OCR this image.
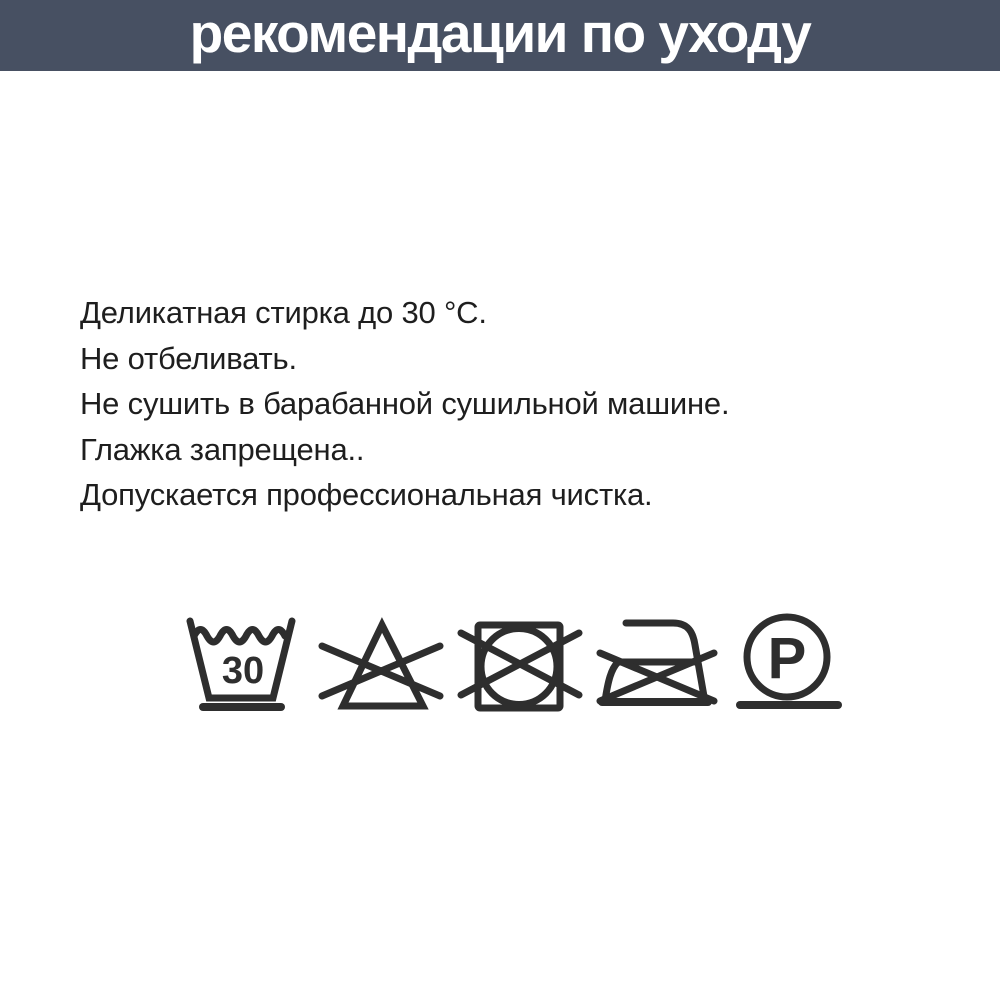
рекомендации по уходу
Деликатная стирка до 30 °C.
Не отбеливать.
Не сушить в барабанной сушильной машине.
Глажка запрещена..
Допускается профессиональная чистка.
30	P
